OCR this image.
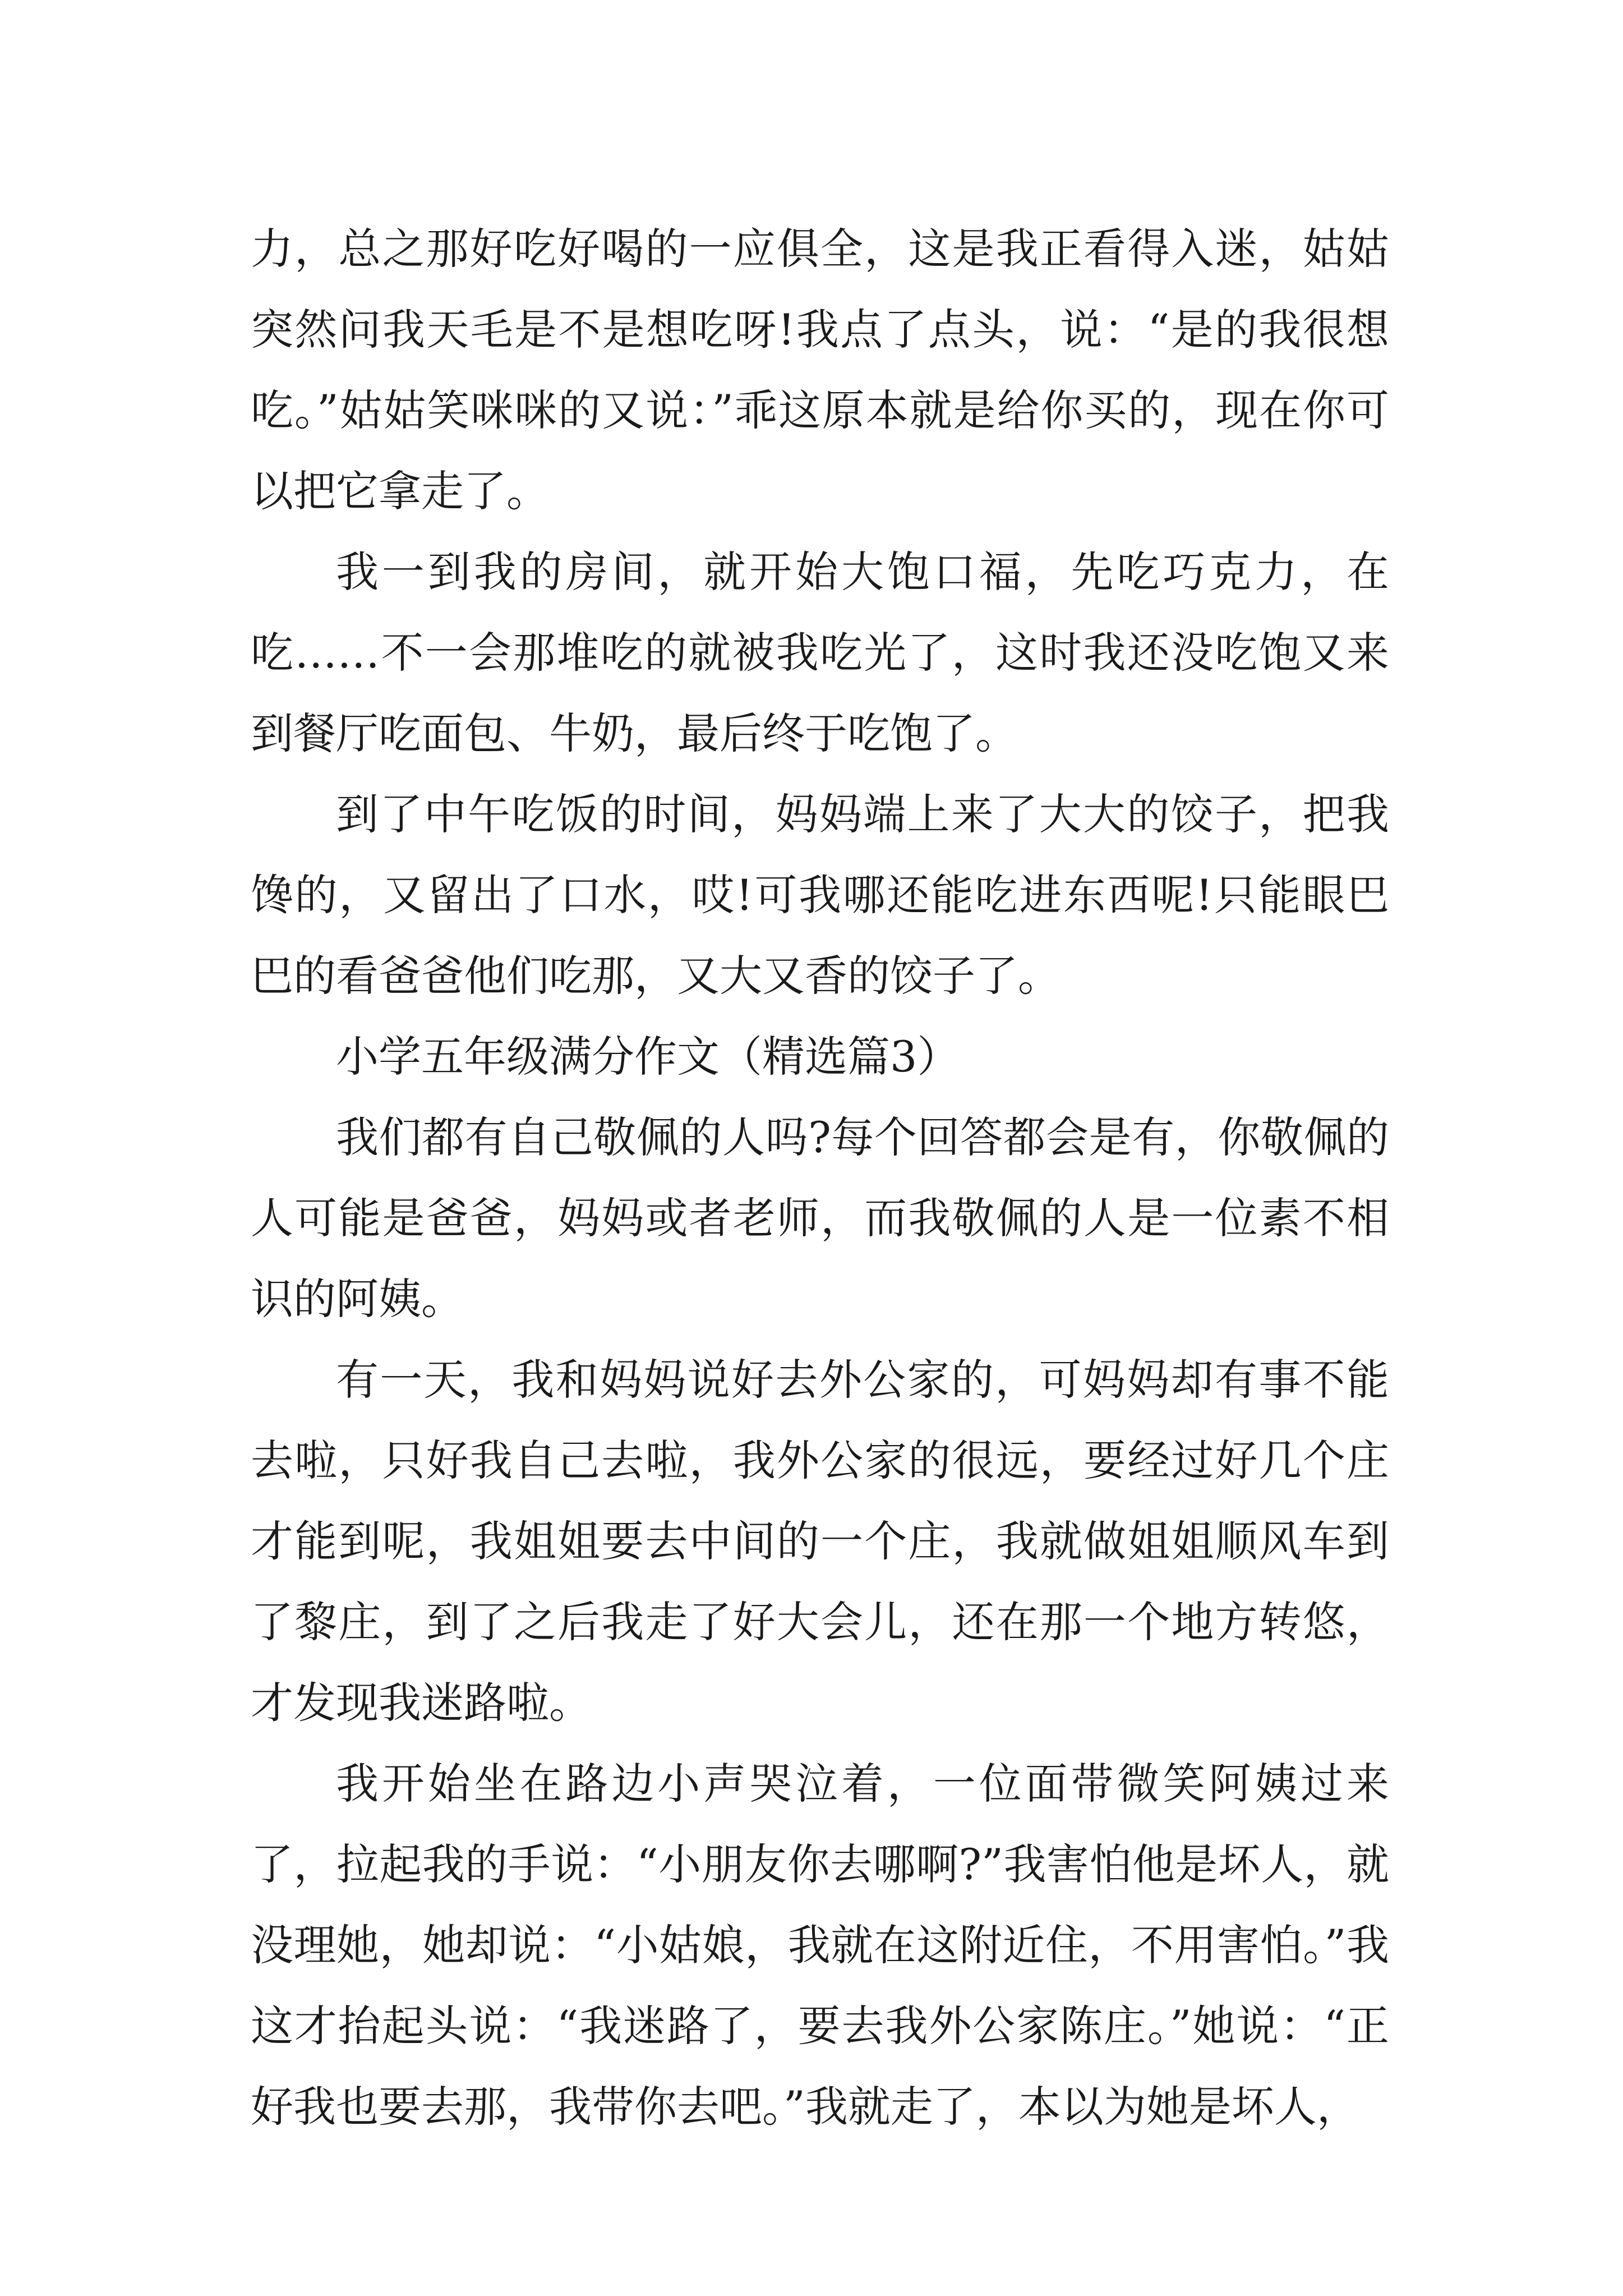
力，总之那好吃好喝的一应俱全，这是我正看得入迷，姑姑突然问我天毛是不是想吃呀!我点了点头，说：“是的我很想吃。”姑姑笑咪咪的又说：”乖这原本就是给你买的，现在你可以把它拿走了。

我一到我的房间，就开始大饱口福，先吃巧克力，在吃……不一会那堆吃的就被我吃光了，这时我还没吃饱又来到餐厅吃面包、牛奶，最后终于吃饱了。

到了中午吃饭的时间，妈妈端上来了大大的饺子，把我馋的，又留出了口水，哎!可我哪还能吃进东西呢!只能眼巴巴的看爸爸他们吃那，又大又香的饺子了。

小学五年级满分作文（精选篇3）

我们都有自己敬佩的人吗?每个回答都会是有，你敬佩的人可能是爸爸，妈妈或者老师，而我敬佩的人是一位素不相识的阿姨。

有一天，我和妈妈说好去外公家的，可妈妈却有事不能去啦，只好我自己去啦，我外公家的很远，要经过好几个庄才能到呢，我姐姐要去中间的一个庄，我就做姐姐顺风车到了黎庄，到了之后我走了好大会儿，还在那一个地方转悠，才发现我迷路啦。

我开始坐在路边小声哭泣着，一位面带微笑阿姨过来了，拉起我的手说：“小朋友你去哪啊?”我害怕他是坏人，就没理她，她却说：“小姑娘，我就在这附近住，不用害怕。”我这才抬起头说：“我迷路了，要去我外公家陈庄。”她说：“正好我也要去那，我带你去吧。”我就走了，本以为她是坏人，
